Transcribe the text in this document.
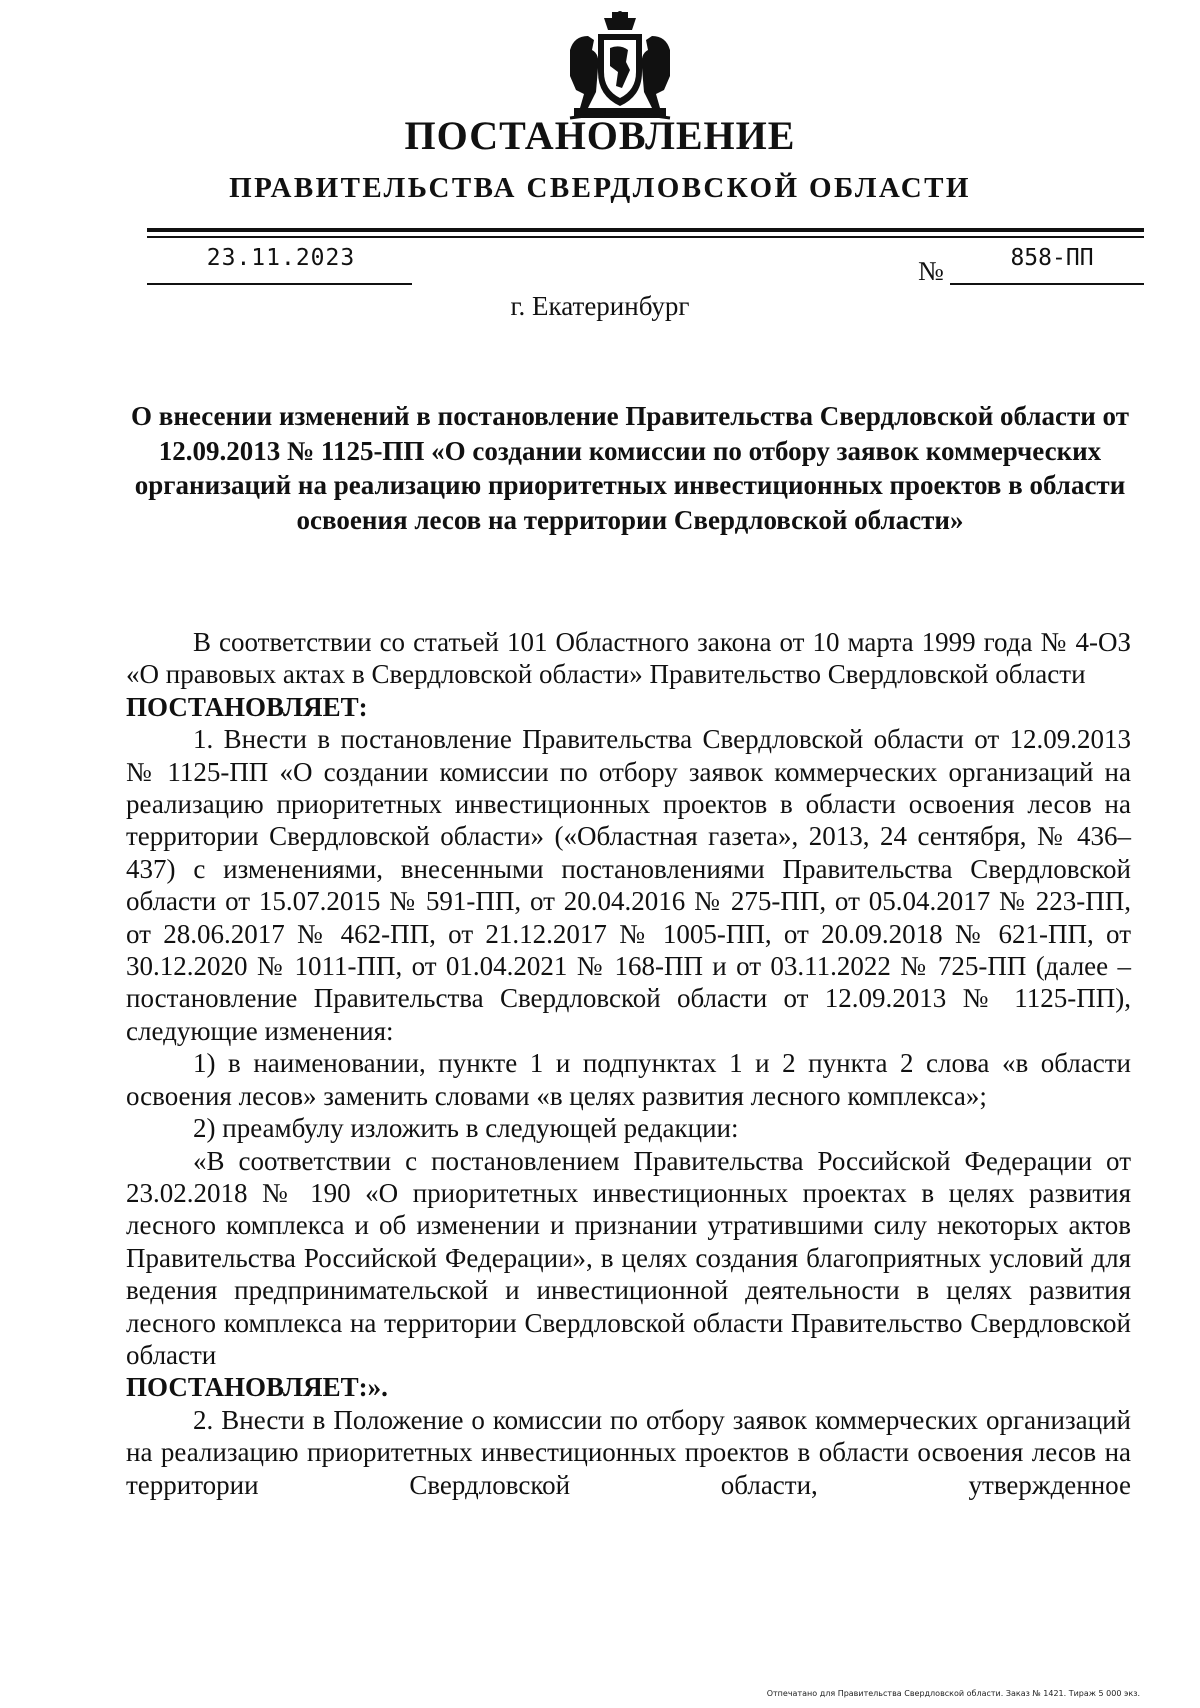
ПОСТАНОВЛЕНИЕ
ПРАВИТЕЛЬСТВА СВЕРДЛОВСКОЙ ОБЛАСТИ
23.11.2023	№	858-ПП
г. Екатеринбург

О внесении изменений в постановление Правительства Свердловской области от 12.09.2013 № 1125-ПП «О создании комиссии по отбору заявок коммерческих организаций на реализацию приоритетных инвестиционных проектов в области освоения лесов на территории Свердловской области»

В соответствии со статьей 101 Областного закона от 10 марта 1999 года № 4-ОЗ «О правовых актах в Свердловской области» Правительство Свердловской области

ПОСТАНОВЛЯЕТ:

1. Внести в постановление Правительства Свердловской области от 12.09.2013 № 1125-ПП «О создании комиссии по отбору заявок коммерческих организаций на реализацию приоритетных инвестиционных проектов в области освоения лесов на территории Свердловской области» («Областная газета», 2013, 24 сентября, № 436–437) с изменениями, внесенными постановлениями Правительства Свердловской области от 15.07.2015 № 591-ПП, от 20.04.2016 № 275-ПП, от 05.04.2017 № 223-ПП, от 28.06.2017 № 462-ПП, от 21.12.2017 № 1005-ПП, от 20.09.2018 № 621-ПП, от 30.12.2020 № 1011-ПП, от 01.04.2021 № 168-ПП и от 03.11.2022 № 725-ПП (далее – постановление Правительства Свердловской области от 12.09.2013 № 1125-ПП), следующие изменения:

1) в наименовании, пункте 1 и подпунктах 1 и 2 пункта 2 слова «в области освоения лесов» заменить словами «в целях развития лесного комплекса»;

2) преамбулу изложить в следующей редакции:

«В соответствии с постановлением Правительства Российской Федерации от 23.02.2018 № 190 «О приоритетных инвестиционных проектах в целях развития лесного комплекса и об изменении и признании утратившими силу некоторых актов Правительства Российской Федерации», в целях создания благоприятных условий для ведения предпринимательской и инвестиционной деятельности в целях развития лесного комплекса на территории Свердловской области Правительство Свердловской области

ПОСТАНОВЛЯЕТ:».

2. Внести в Положение о комиссии по отбору заявок коммерческих организаций на реализацию приоритетных инвестиционных проектов в области освоения лесов на территории Свердловской области, утвержденное

Отпечатано для Правительства Свердловской области. Заказ № 1421. Тираж 5 000 экз.
